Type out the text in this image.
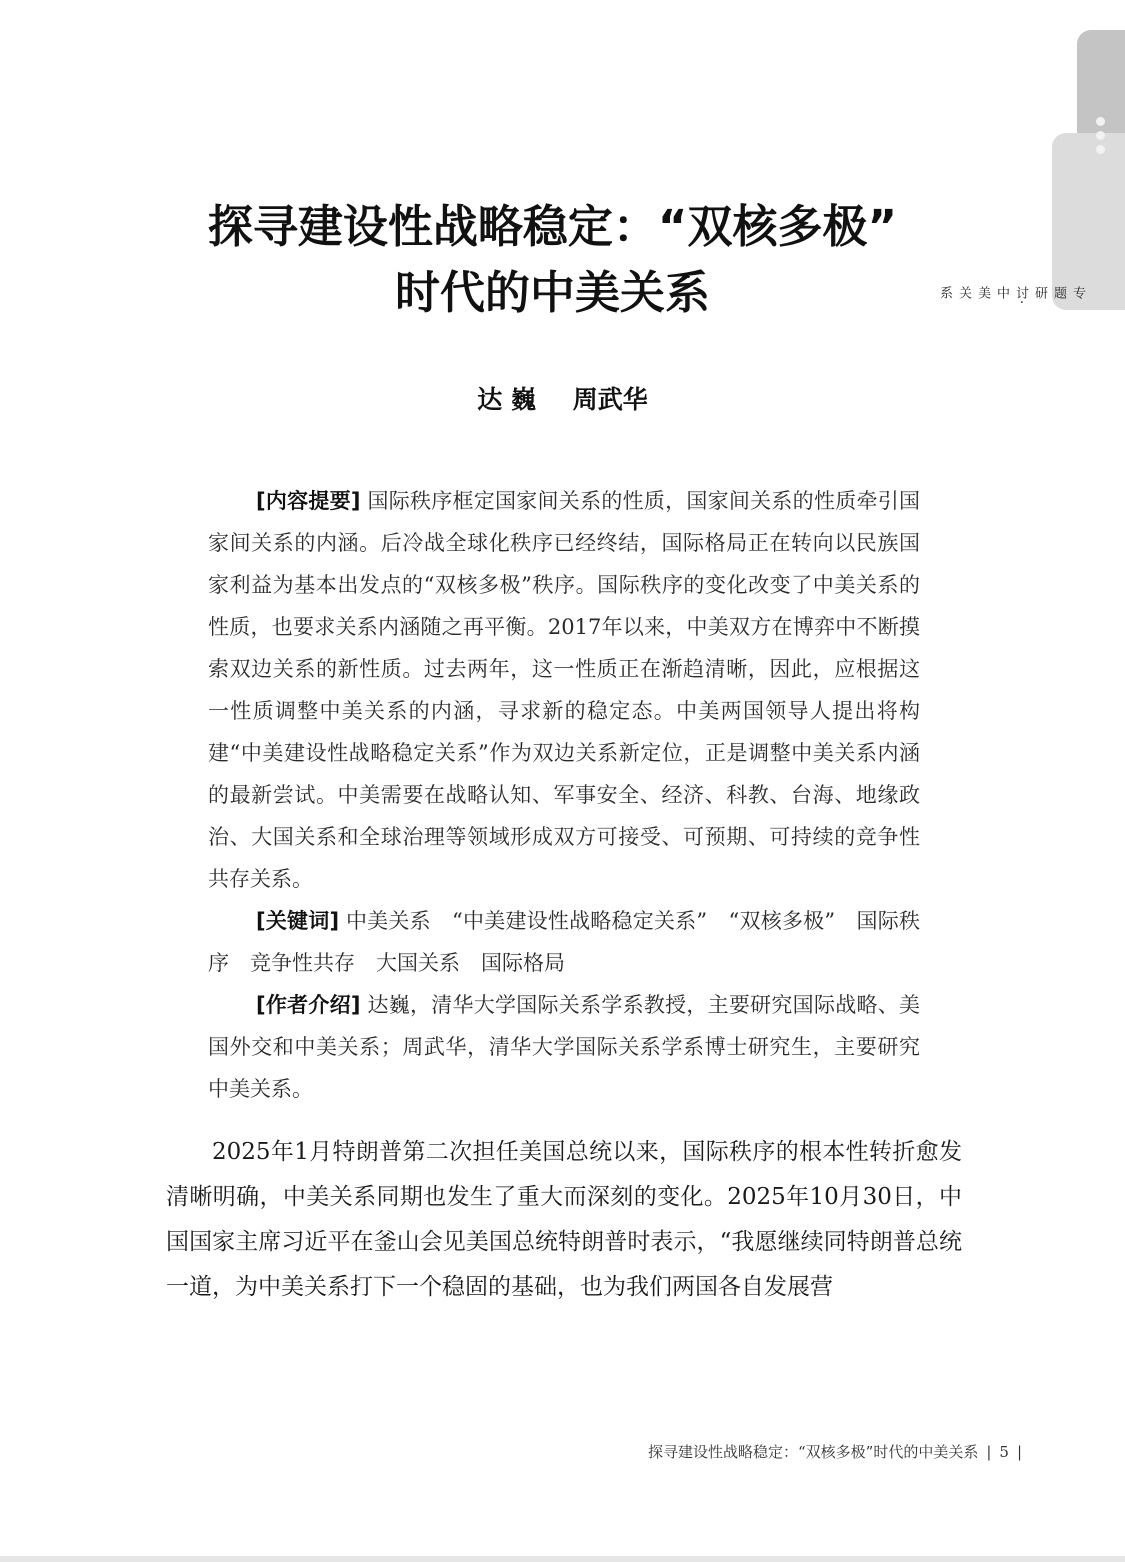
专题研讨·中美关系
探寻建设性战略稳定：“双核多极”
时代的中美关系
达 巍 周武华

[内容提要] 国际秩序框定国家间关系的性质，国家间关系的性质牵引国家间关系的内涵。后冷战全球化秩序已经终结，国际格局正在转向以民族国家利益为基本出发点的“双核多极”秩序。国际秩序的变化改变了中美关系的性质，也要求关系内涵随之再平衡。2017年以来，中美双方在博弈中不断摸索双边关系的新性质。过去两年，这一性质正在渐趋清晰，因此，应根据这一性质调整中美关系的内涵，寻求新的稳定态。中美两国领导人提出将构建“中美建设性战略稳定关系”作为双边关系新定位，正是调整中美关系内涵的最新尝试。中美需要在战略认知、军事安全、经济、科教、台海、地缘政治、大国关系和全球治理等领域形成双方可接受、可预期、可持续的竞争性共存关系。

[关键词] 中美关系　“中美建设性战略稳定关系”　“双核多极”　国际秩序　竞争性共存　大国关系　国际格局

[作者介绍] 达巍，清华大学国际关系学系教授，主要研究国际战略、美国外交和中美关系；周武华，清华大学国际关系学系博士研究生，主要研究中美关系。

2025年1月特朗普第二次担任美国总统以来，国际秩序的根本性转折愈发清晰明确，中美关系同期也发生了重大而深刻的变化。2025年10月30日，中国国家主席习近平在釜山会见美国总统特朗普时表示，“我愿继续同特朗普总统一道，为中美关系打下一个稳固的基础，也为我们两国各自发展营

探寻建设性战略稳定：“双核多极”时代的中美关系 | 5 |
